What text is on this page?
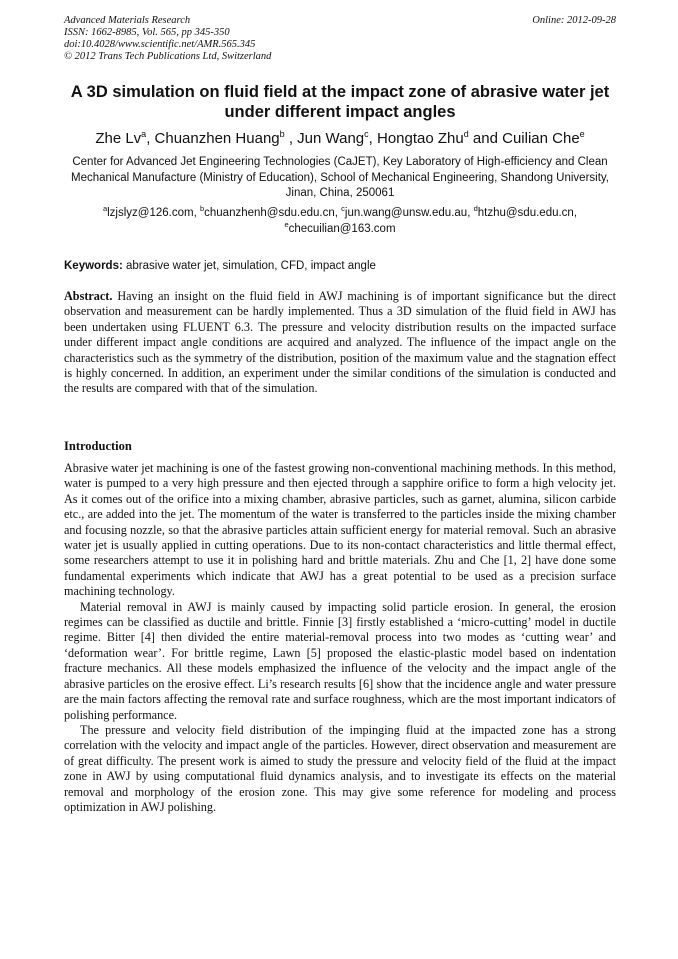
Advanced Materials Research
ISSN: 1662-8985, Vol. 565, pp 345-350
doi:10.4028/www.scientific.net/AMR.565.345
© 2012 Trans Tech Publications Ltd, Switzerland
Online: 2012-09-28
A 3D simulation on fluid field at the impact zone of abrasive water jet under different impact angles
Zhe Lv$^a$, Chuanzhen Huang$^b$ , Jun Wang$^c$, Hongtao Zhu$^d$ and Cuilian Che$^e$
Center for Advanced Jet Engineering Technologies (CaJET), Key Laboratory of High-efficiency and Clean Mechanical Manufacture (Ministry of Education), School of Mechanical Engineering, Shandong University, Jinan, China, 250061
$^a$lzjslyz@126.com, $^b$chuanzhenh@sdu.edu.cn, $^c$jun.wang@unsw.edu.au, $^d$htzhu@sdu.edu.cn,
$^e$checuilian@163.com
Keywords: abrasive water jet, simulation, CFD, impact angle
Abstract. Having an insight on the fluid field in AWJ machining is of important significance but the direct observation and measurement can be hardly implemented. Thus a 3D simulation of the fluid field in AWJ has been undertaken using FLUENT 6.3. The pressure and velocity distribution results on the impacted surface under different impact angle conditions are acquired and analyzed. The influence of the impact angle on the characteristics such as the symmetry of the distribution, position of the maximum value and the stagnation effect is highly concerned. In addition, an experiment under the similar conditions of the simulation is conducted and the results are compared with that of the simulation.
Introduction

Abrasive water jet machining is one of the fastest growing non-conventional machining methods. In this method, water is pumped to a very high pressure and then ejected through a sapphire orifice to form a high velocity jet. As it comes out of the orifice into a mixing chamber, abrasive particles, such as garnet, alumina, silicon carbide etc., are added into the jet. The momentum of the water is transferred to the particles inside the mixing chamber and focusing nozzle, so that the abrasive particles attain sufficient energy for material removal. Such an abrasive water jet is usually applied in cutting operations. Due to its non-contact characteristics and little thermal effect, some researchers attempt to use it in polishing hard and brittle materials. Zhu and Che [1, 2] have done some fundamental experiments which indicate that AWJ has a great potential to be used as a precision surface machining technology.

Material removal in AWJ is mainly caused by impacting solid particle erosion. In general, the erosion regimes can be classified as ductile and brittle. Finnie [3] firstly established a ‘micro-cutting’ model in ductile regime. Bitter [4] then divided the entire material-removal process into two modes as ‘cutting wear’ and ‘deformation wear’. For brittle regime, Lawn [5] proposed the elastic-plastic model based on indentation fracture mechanics. All these models emphasized the influence of the velocity and the impact angle of the abrasive particles on the erosive effect. Li’s research results [6] show that the incidence angle and water pressure are the main factors affecting the removal rate and surface roughness, which are the most important indicators of polishing performance.

The pressure and velocity field distribution of the impinging fluid at the impacted zone has a strong correlation with the velocity and impact angle of the particles. However, direct observation and measurement are of great difficulty. The present work is aimed to study the pressure and velocity field of the fluid at the impact zone in AWJ by using computational fluid dynamics analysis, and to investigate its effects on the material removal and morphology of the erosion zone. This may give some reference for modeling and process optimization in AWJ polishing.
